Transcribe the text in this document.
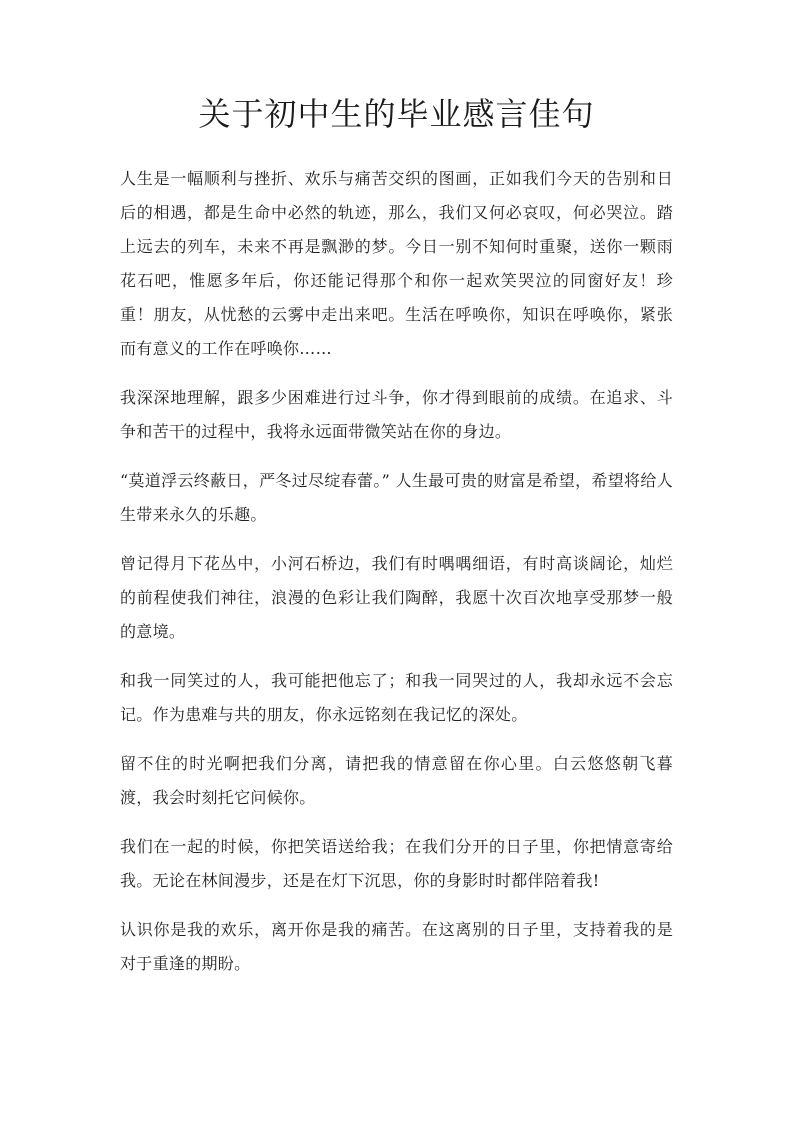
关于初中生的毕业感言佳句

人生是一幅顺利与挫折、欢乐与痛苦交织的图画，正如我们今天的告别和日后的相遇，都是生命中必然的轨迹，那么，我们又何必哀叹，何必哭泣。踏上远去的列车，未来不再是飘渺的梦。今日一别不知何时重聚，送你一颗雨花石吧，惟愿多年后，你还能记得那个和你一起欢笑哭泣的同窗好友！珍重！朋友，从忧愁的云雾中走出来吧。生活在呼唤你，知识在呼唤你，紧张而有意义的工作在呼唤你……

我深深地理解，跟多少困难进行过斗争，你才得到眼前的成绩。在追求、斗争和苦干的过程中，我将永远面带微笑站在你的身边。

“莫道浮云终蔽日，严冬过尽绽春蕾。” 人生最可贵的财富是希望，希望将给人生带来永久的乐趣。

曾记得月下花丛中，小河石桥边，我们有时喁喁细语，有时高谈阔论，灿烂的前程使我们神往，浪漫的色彩让我们陶醉，我愿十次百次地享受那梦一般的意境。

和我一同笑过的人，我可能把他忘了；和我一同哭过的人，我却永远不会忘记。作为患难与共的朋友，你永远铭刻在我记忆的深处。

留不住的时光啊把我们分离，请把我的情意留在你心里。白云悠悠朝飞暮渡，我会时刻托它问候你。

我们在一起的时候，你把笑语送给我；在我们分开的日子里，你把情意寄给我。无论在林间漫步，还是在灯下沉思，你的身影时时都伴陪着我!

认识你是我的欢乐，离开你是我的痛苦。在这离别的日子里，支持着我的是对于重逢的期盼。
